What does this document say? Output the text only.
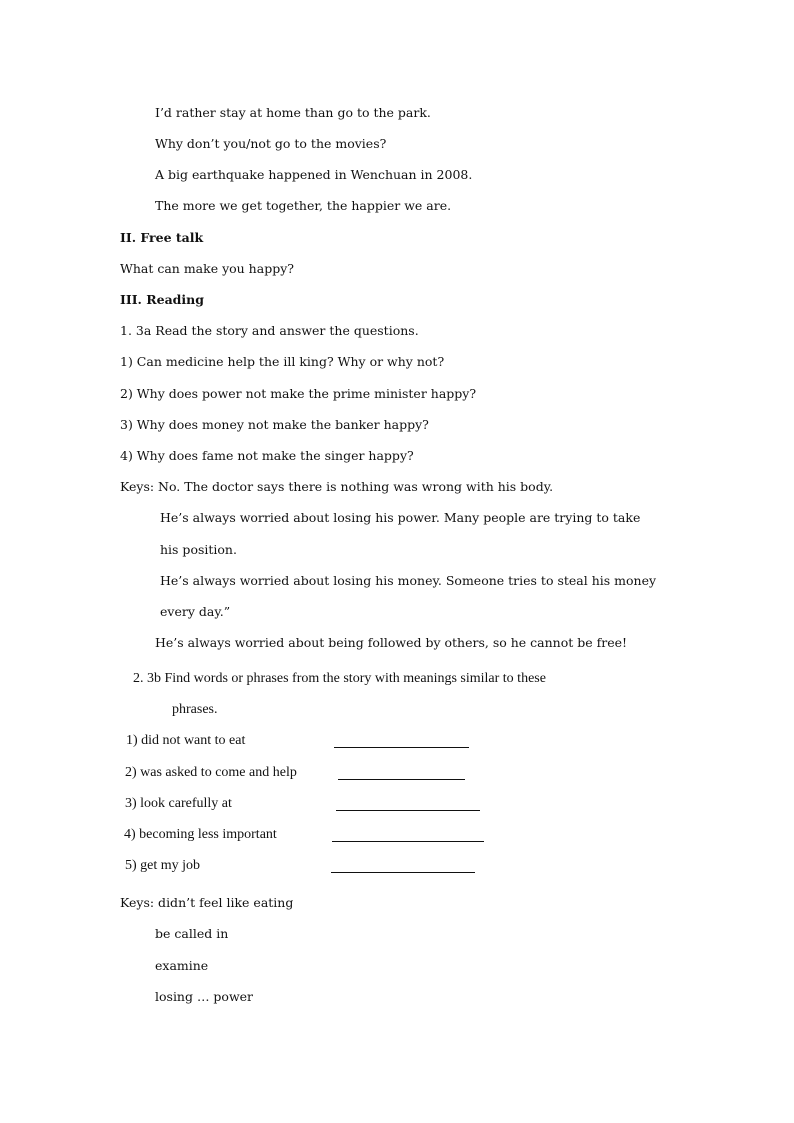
I’d rather stay at home than go to the park.
Why don’t you/not go to the movies?
A big earthquake happened in Wenchuan in 2008.
The more we get together, the happier we are.
II. Free talk
What can make you happy?
III. Reading
1. 3a Read the story and answer the questions.
1) Can medicine help the ill king? Why or why not?
2) Why does power not make the prime minister happy?
3) Why does money not make the banker happy?
4) Why does fame not make the singer happy?
Keys: No. The doctor says there is nothing was wrong with his body.
He’s always worried about losing his power. Many people are trying to take
his position.
He’s always worried about losing his money. Someone tries to steal his money
every day.”
He’s always worried about being followed by others, so he cannot be free!
2. 3b Find words or phrases from the story with meanings similar to these
phrases.
1) did not want to eat
2) was asked to come and help
3) look carefully at
4) becoming less important
5) get my job
Keys: didn’t feel like eating
be called in
examine
losing … power
